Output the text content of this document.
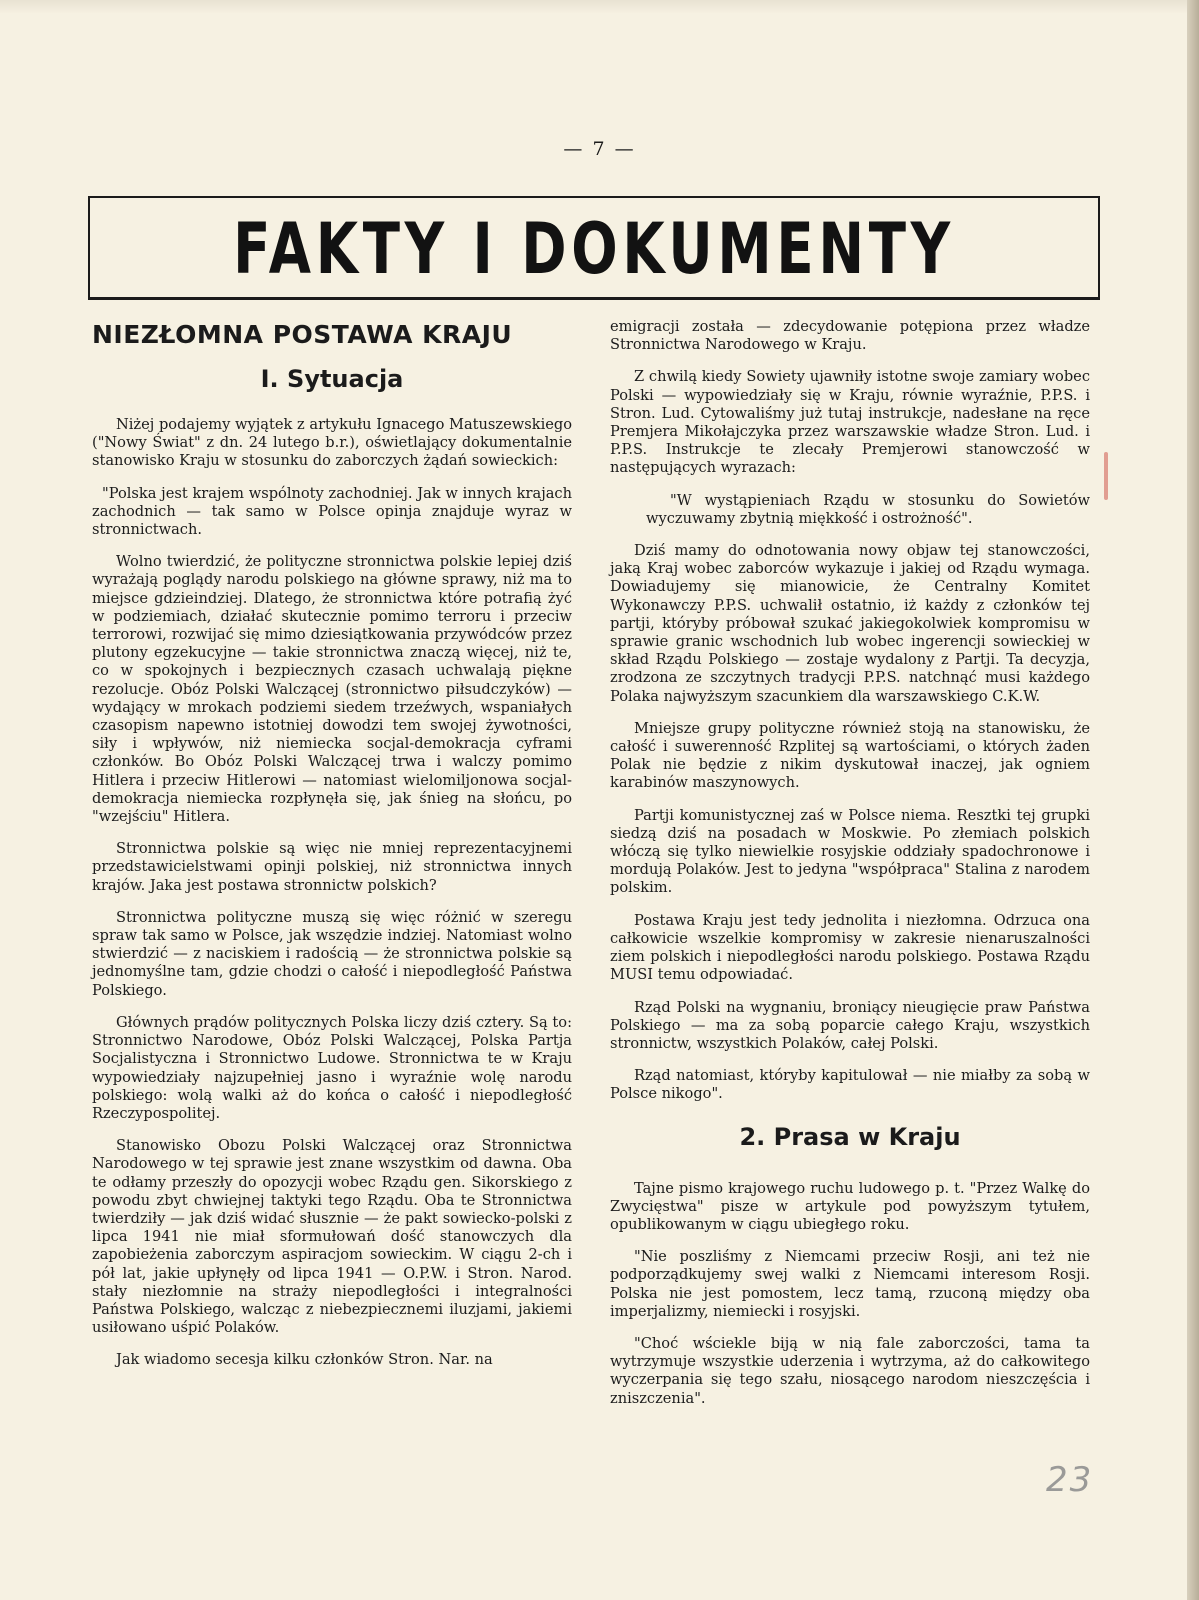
— 7 —
FAKTY I DOKUMENTY
NIEZŁOMNA POSTAWA KRAJU
I. Sytuacja

Niżej podajemy wyjątek z artykułu Ignacego Matuszewskiego ("Nowy Świat" z dn. 24 lutego b.r.), oświetlający dokumentalnie stanowisko Kraju w stosunku do zaborczych żądań sowieckich:

"Polska jest krajem wspólnoty zachodniej. Jak w innych krajach zachodnich — tak samo w Polsce opinja znajduje wyraz w stronnictwach.

Wolno twierdzić, że polityczne stronnictwa polskie lepiej dziś wyrażają poglądy narodu polskiego na główne sprawy, niż ma to miejsce gdzieindziej. Dlatego, że stronnictwa które potrafią żyć w podziemiach, działać skutecznie pomimo terroru i przeciw terrorowi, rozwijać się mimo dziesiątkowania przywódców przez plutony egzekucyjne — takie stronnictwa znaczą więcej, niż te, co w spokojnych i bezpiecznych czasach uchwalają piękne rezolucje. Obóz Polski Walczącej (stronnictwo piłsudczyków) — wydający w mrokach podziemi siedem trzeźwych, wspaniałych czasopism napewno istotniej dowodzi tem swojej żywotności, siły i wpływów, niż niemiecka socjal-demokracja cyframi członków. Bo Obóz Polski Walczącej trwa i walczy pomimo Hitlera i przeciw Hitlerowi — natomiast wielomiljonowa socjal-demokracja niemiecka rozpłynęła się, jak śnieg na słońcu, po "wzejściu" Hitlera.

Stronnictwa polskie są więc nie mniej reprezentacyjnemi przedstawicielstwami opinji polskiej, niż stronnictwa innych krajów. Jaka jest postawa stronnictw polskich?

Stronnictwa polityczne muszą się więc różnić w szeregu spraw tak samo w Polsce, jak wszędzie indziej. Natomiast wolno stwierdzić — z naciskiem i radością — że stronnictwa polskie są jednomyślne tam, gdzie chodzi o całość i niepodległość Państwa Polskiego.

Głównych prądów politycznych Polska liczy dziś cztery. Są to: Stronnictwo Narodowe, Obóz Polski Walczącej, Polska Partja Socjalistyczna i Stronnictwo Ludowe. Stronnictwa te w Kraju wypowiedziały najzupełniej jasno i wyraźnie wolę narodu polskiego: wolą walki aż do końca o całość i niepodległość Rzeczypospolitej.

Stanowisko Obozu Polski Walczącej oraz Stronnictwa Narodowego w tej sprawie jest znane wszystkim od dawna. Oba te odłamy przeszły do opozycji wobec Rządu gen. Sikorskiego z powodu zbyt chwiejnej taktyki tego Rządu. Oba te Stronnictwa twierdziły — jak dziś widać słusznie — że pakt sowiecko-polski z lipca 1941 nie miał sformułowań dość stanowczych dla zapobieżenia zaborczym aspiracjom sowieckim. W ciągu 2-ch i pół lat, jakie upłynęły od lipca 1941 — O.P.W. i Stron. Narod. stały niezłomnie na straży niepodległości i integralności Państwa Polskiego, walcząc z niebezpiecznemi iluzjami, jakiemi usiłowano uśpić Polaków.

Jak wiadomo secesja kilku członków Stron. Nar. na

emigracji została — zdecydowanie potępiona przez władze Stronnictwa Narodowego w Kraju.

Z chwilą kiedy Sowiety ujawniły istotne swoje zamiary wobec Polski — wypowiedziały się w Kraju, równie wyraźnie, P.P.S. i Stron. Lud. Cytowaliśmy już tutaj instrukcje, nadesłane na ręce Premjera Mikołajczyka przez warszawskie władze Stron. Lud. i P.P.S. Instrukcje te zlecały Premjerowi stanowczość w następujących wyrazach:

"W wystąpieniach Rządu w stosunku do Sowietów wyczuwamy zbytnią miękkość i ostrożność".

Dziś mamy do odnotowania nowy objaw tej stanowczości, jaką Kraj wobec zaborców wykazuje i jakiej od Rządu wymaga. Dowiadujemy się mianowicie, że Centralny Komitet Wykonawczy P.P.S. uchwalił ostatnio, iż każdy z członków tej partji, któryby próbował szukać jakiegokolwiek kompromisu w sprawie granic wschodnich lub wobec ingerencji sowieckiej w skład Rządu Polskiego — zostaje wydalony z Partji. Ta decyzja, zrodzona ze szczytnych tradycji P.P.S. natchnąć musi każdego Polaka najwyższym szacunkiem dla warszawskiego C.K.W.

Mniejsze grupy polityczne również stoją na stanowisku, że całość i suwerenność Rzplitej są wartościami, o których żaden Polak nie będzie z nikim dyskutował inaczej, jak ogniem karabinów maszynowych.

Partji komunistycznej zaś w Polsce niema. Resztki tej grupki siedzą dziś na posadach w Moskwie. Po złemiach polskich włóczą się tylko niewielkie rosyjskie oddziały spadochronowe i mordują Polaków. Jest to jedyna "współpraca" Stalina z narodem polskim.

Postawa Kraju jest tedy jednolita i niezłomna. Odrzuca ona całkowicie wszelkie kompromisy w zakresie nienaruszalności ziem polskich i niepodległości narodu polskiego. Postawa Rządu MUSI temu odpowiadać.

Rząd Polski na wygnaniu, broniący nieugięcie praw Państwa Polskiego — ma za sobą poparcie całego Kraju, wszystkich stronnictw, wszystkich Polaków, całej Polski.

Rząd natomiast, któryby kapitulował — nie miałby za sobą w Polsce nikogo".

2. Prasa w Kraju

Tajne pismo krajowego ruchu ludowego p. t. "Przez Walkę do Zwycięstwa" pisze w artykule pod powyższym tytułem, opublikowanym w ciągu ubiegłego roku.

"Nie poszliśmy z Niemcami przeciw Rosji, ani też nie podporządkujemy swej walki z Niemcami interesom Rosji. Polska nie jest pomostem, lecz tamą, rzuconą między oba imperjalizmy, niemiecki i rosyjski.

"Choć wściekle biją w nią fale zaborczości, tama ta wytrzymuje wszystkie uderzenia i wytrzyma, aż do całkowitego wyczerpania się tego szału, niosącego narodom nieszczęścia i zniszczenia".

23
